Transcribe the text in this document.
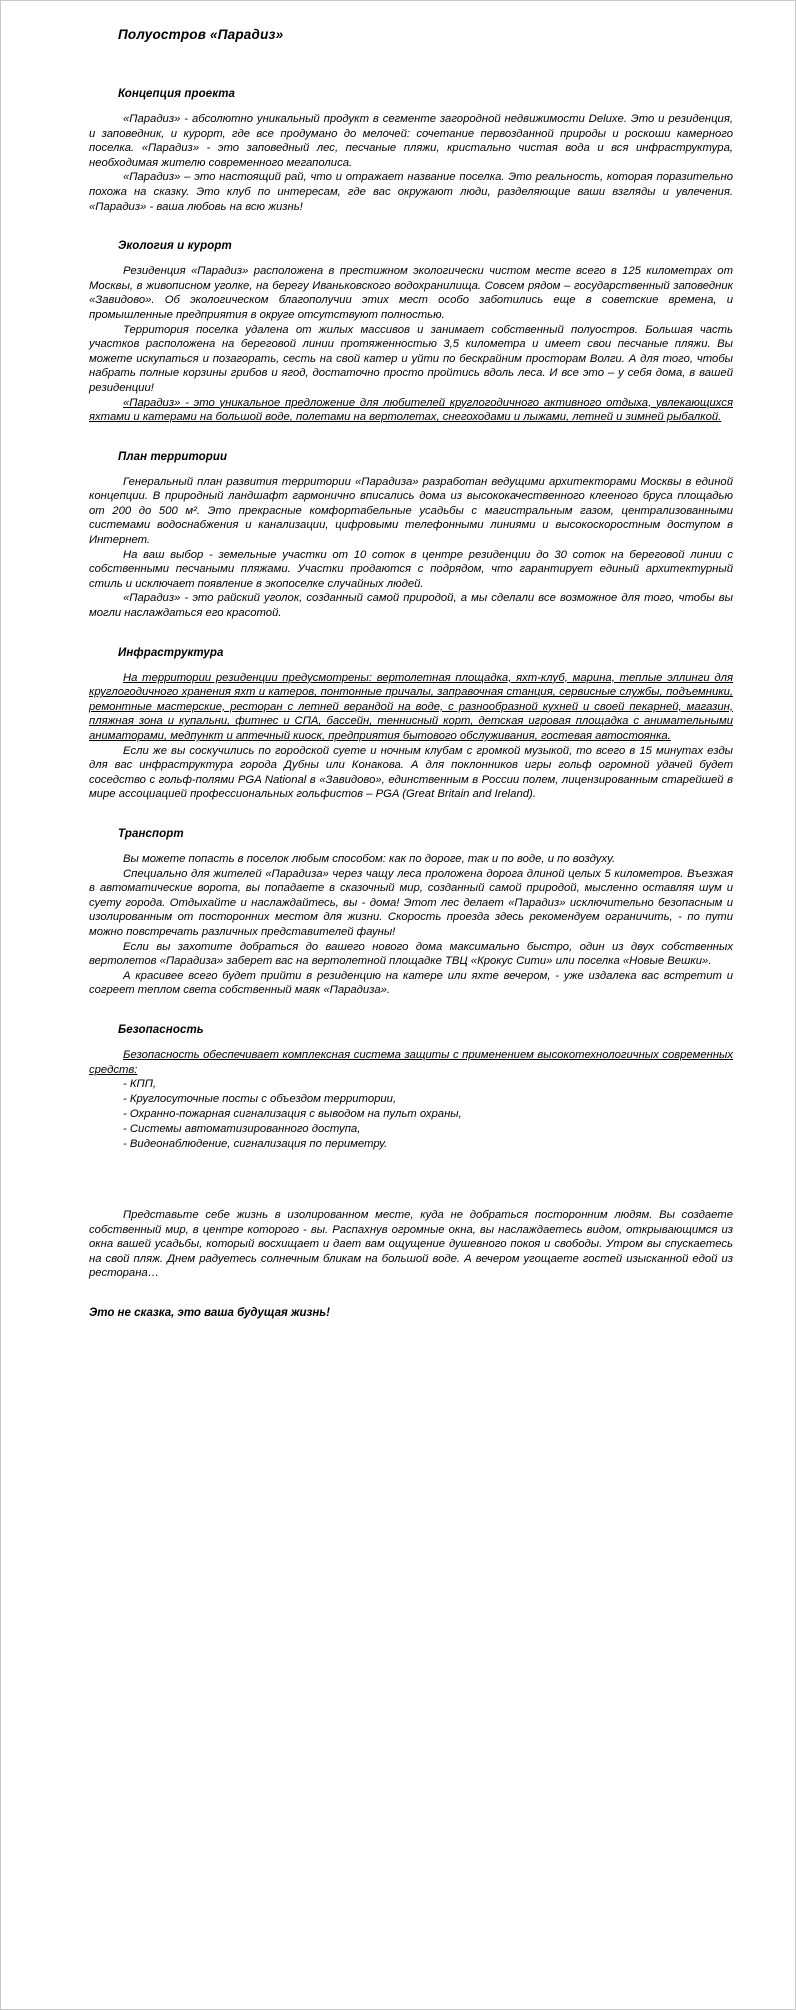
Полуостров «Парадиз»
Концепция проекта

«Парадиз» - абсолютно уникальный продукт в сегменте загородной недвижимости Deluxe. Это и резиденция, и заповедник, и курорт, где все продумано до мелочей: сочетание первозданной природы и роскоши камерного поселка. «Парадиз» - это заповедный лес, песчаные пляжи, кристально чистая вода и вся инфраструктура, необходимая жителю современного мегаполиса.

«Парадиз» – это настоящий рай, что и отражает название поселка. Это реальность, которая поразительно похожа на сказку. Это клуб по интересам, где вас окружают люди, разделяющие ваши взгляды и увлечения. «Парадиз» - ваша любовь на всю жизнь!

Экология и курорт

Резиденция «Парадиз» расположена в престижном экологически чистом месте всего в 125 километрах от Москвы, в живописном уголке, на берегу Иваньковского водохранилища. Совсем рядом – государственный заповедник «Завидово». Об экологическом благополучии этих мест особо заботились еще в советские времена, и промышленные предприятия в округе отсутствуют полностью.

Территория поселка удалена от жилых массивов и занимает собственный полуостров. Большая часть участков расположена на береговой линии протяженностью 3,5 километра и имеет свои песчаные пляжи. Вы можете искупаться и позагорать, сесть на свой катер и уйти по бескрайним просторам Волги. А для того, чтобы набрать полные корзины грибов и ягод, достаточно просто пройтись вдоль леса. И все это – у себя дома, в вашей резиденции!

«Парадиз» - это уникальное предложение для любителей круглогодичного активного отдыха, увлекающихся яхтами и катерами на большой воде, полетами на вертолетах, снегоходами и лыжами, летней и зимней рыбалкой.

План территории

Генеральный план развития территории «Парадиза» разработан ведущими архитекторами Москвы в единой концепции. В природный ландшафт гармонично вписались дома из высококачественного клееного бруса площадью от 200 до 500 м². Это прекрасные комфортабельные усадьбы с магистральным газом, централизованными системами водоснабжения и канализации, цифровыми телефонными линиями и высокоскоростным доступом в Интернет.

На ваш выбор - земельные участки от 10 соток в центре резиденции до 30 соток на береговой линии с собственными песчаными пляжами. Участки продаются с подрядом, что гарантирует единый архитектурный стиль и исключает появление в экопоселке случайных людей.

«Парадиз» - это райский уголок, созданный самой природой, а мы сделали все возможное для того, чтобы вы могли наслаждаться его красотой.

Инфраструктура

На территории резиденции предусмотрены: вертолетная площадка, яхт-клуб, марина, теплые эллинги для круглогодичного хранения яхт и катеров, понтонные причалы, заправочная станция, сервисные службы, подъемники, ремонтные мастерские, ресторан с летней верандой на воде, с разнообразной кухней и своей пекарней, магазин, пляжная зона и купальни, фитнес и СПА, бассейн, теннисный корт, детская игровая площадка с анимательными аниматорами, медпункт и аптечный киоск, предприятия бытового обслуживания, гостевая автостоянка.

Если же вы соскучились по городской суете и ночным клубам с громкой музыкой, то всего в 15 минутах езды для вас инфраструктура города Дубны или Конакова. А для поклонников игры гольф огромной удачей будет соседство с гольф-полями PGA National в «Завидово», единственным в России полем, лицензированным старейшей в мире ассоциацией профессиональных гольфистов – PGA (Great Britain and Ireland).

Транспорт

Вы можете попасть в поселок любым способом: как по дороге, так и по воде, и по воздуху.

Специально для жителей «Парадиза» через чащу леса проложена дорога длиной целых 5 километров. Въезжая в автоматические ворота, вы попадаете в сказочный мир, созданный самой природой, мысленно оставляя шум и суету города. Отдыхайте и наслаждайтесь, вы - дома! Этот лес делает «Парадиз» исключительно безопасным и изолированным от посторонних местом для жизни. Скорость проезда здесь рекомендуем ограничить, - по пути можно повстречать различных представителей фауны!

Если вы захотите добраться до вашего нового дома максимально быстро, один из двух собственных вертолетов «Парадиза» заберет вас на вертолетной площадке ТВЦ «Крокус Сити» или поселка «Новые Вешки».

А красивее всего будет прийти в резиденцию на катере или яхте вечером, - уже издалека вас встретит и согреет теплом света собственный маяк «Парадиза».

Безопасность

Безопасность обеспечивает комплексная система защиты с применением высокотехнологичных современных средств:

- КПП,

- Круглосуточные посты с объездом территории,

- Охранно-пожарная сигнализация с выводом на пульт охраны,

- Системы автоматизированного доступа,

- Видеонаблюдение, сигнализация по периметру.

Представьте себе жизнь в изолированном месте, куда не добраться посторонним людям. Вы создаете собственный мир, в центре которого - вы. Распахнув огромные окна, вы наслаждаетесь видом, открывающимся из окна вашей усадьбы, который восхищает и дает вам ощущение душевного покоя и свободы. Утром вы спускаетесь на свой пляж. Днем радуетесь солнечным бликам на большой воде. А вечером угощаете гостей изысканной едой из ресторана…

Это не сказка, это ваша будущая жизнь!
